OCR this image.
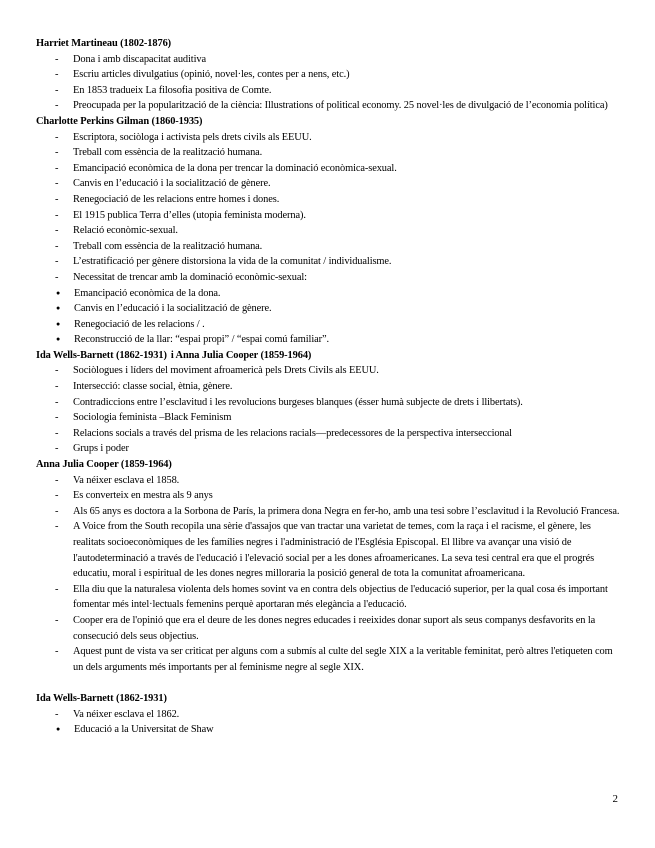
Harriet Martineau (1802-1876)

- Dona i amb discapacitat auditiva
- Escriu articles divulgatius (opinió, novel·les, contes per a nens, etc.)
- En 1853 tradueix La filosofia positiva de Comte.
- Preocupada per la popularització de la ciència: Illustrations of political economy. 25 novel·les de divulgació de l’economia política)

Charlotte Perkins Gilman (1860-1935)

- Escriptora, sociòloga i activista pels drets civils als EEUU.
- Treball com essència de la realització humana.
- Emancipació econòmica de la dona per trencar la dominació econòmica-sexual.
- Canvis en l’educació i la socialització de gènere.
- Renegociació de les relacions entre homes i dones.
- El 1915 publica Terra d’elles (utopia feminista moderna).
- Relació econòmic-sexual.
- Treball com essència de la realització humana.
- L’estratificació per gènere distorsiona la vida de la comunitat / individualisme.
- Necessitat de trencar amb la dominació econòmic-sexual:
● Emancipació econòmica de la dona.
● Canvis en l’educació i la socialització de gènere.
● Renegociació de les relacions / .
● Reconstrucció de la llar: “espai propi” / “espai comú familiar”.

Ida Wells-Barnett (1862-1931) i Anna Julia Cooper (1859-1964)

- Sociòlogues i líders del moviment afroamericà pels Drets Civils als EEUU.
- Intersecció: classe social, ètnia, gènere.
- Contradiccions entre l’esclavitud i les revolucions burgeses blanques (ésser humà subjecte de drets i llibertats).
- Sociologia feminista –Black Feminism
- Relacions socials a través del prisma de les relacions racials—predecessores de la perspectiva interseccional
- Grups i poder

Anna Julia Cooper (1859-1964)

- Va néixer esclava el 1858.
- Es converteix en mestra als 9 anys
- Als 65 anys es doctora a la Sorbona de París, la primera dona Negra en fer-ho, amb una tesi sobre l’esclavitud i la Revolució Francesa.
- A Voice from the South recopila una sèrie d'assajos que van tractar una varietat de temes, com la raça i el racisme, el gènere, les realitats socioeconòmiques de les famílies negres i l'administració de l'Església Episcopal. El llibre va avançar una visió de l'autodeterminació a través de l'educació i l'elevació social per a les dones afroamericanes. La seva tesi central era que el progrés educatiu, moral i espiritual de les dones negres milloraria la posició general de tota la comunitat afroamericana.
- Ella diu que la naturalesa violenta dels homes sovint va en contra dels objectius de l'educació superior, per la qual cosa és important fomentar més intel·lectuals femenins perquè aportaran més elegància a l'educació.
- Cooper era de l'opinió que era el deure de les dones negres educades i reeixides donar suport als seus companys desfavorits en la consecució dels seus objectius.
- Aquest punt de vista va ser criticat per alguns com a submís al culte del segle XIX a la veritable feminitat, però altres l'etiqueten com un dels arguments més importants per al feminisme negre al segle XIX.

Ida Wells-Barnett (1862-1931)

- Va néixer esclava el 1862.
● Educació a la Universitat de Shaw
2
